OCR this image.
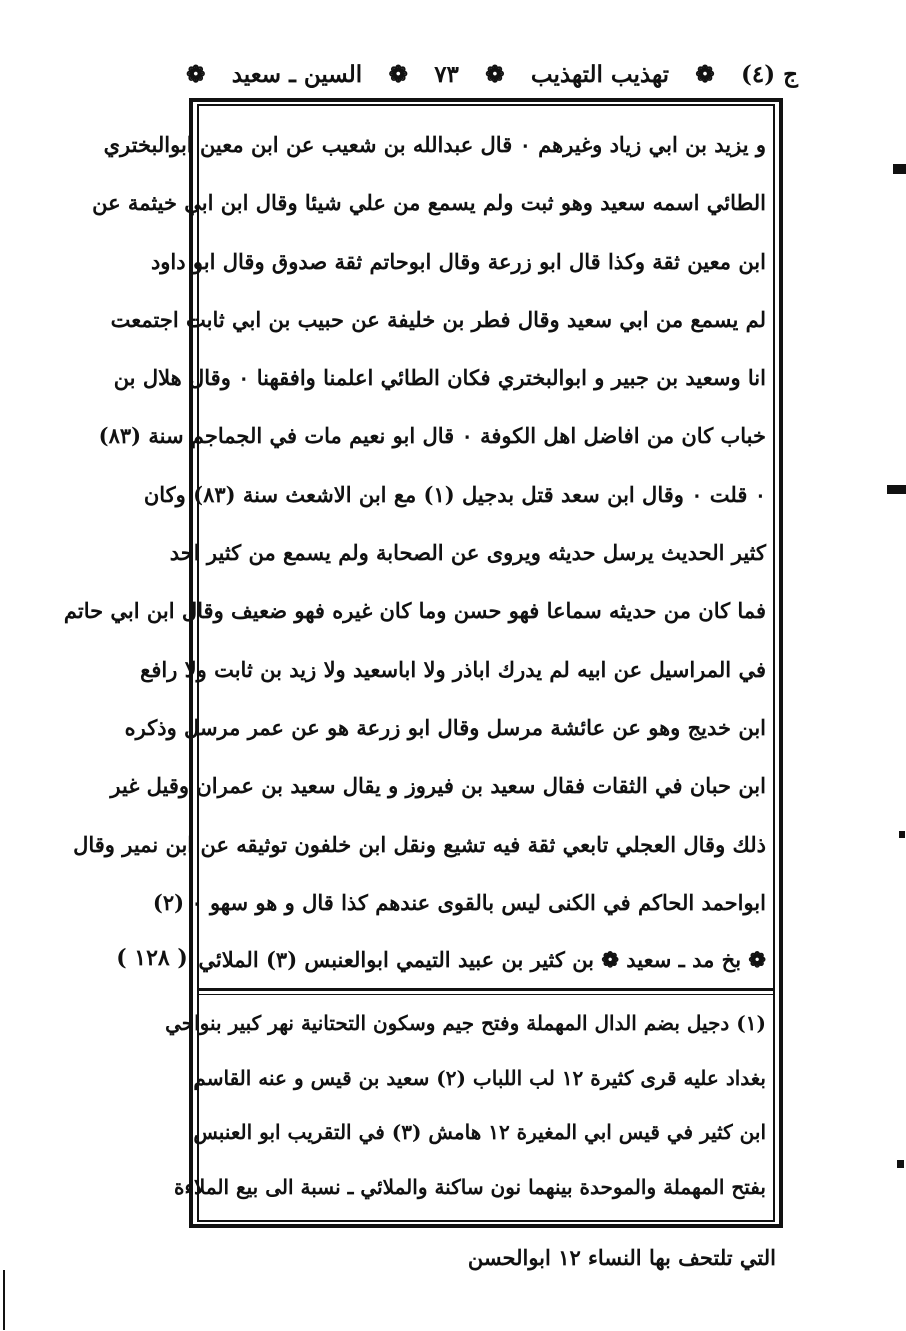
ج (٤)
❁
تهذيب التهذيب
❁
٧٣
❁
السين ـ سعيد
❁
و يزيد بن ابي زياد وغيرهم ٠ قال عبدالله بن شعيب عن ابن معين ابوالبختري
الطائي اسمه سعيد وهو ثبت ولم يسمع من علي شيئا وقال ابن ابي خيثمة عن
ابن معين ثقة وكذا قال ابو زرعة وقال ابوحاتم ثقة صدوق وقال ابو داود
لم يسمع من ابي سعيد وقال فطر بن خليفة عن حبيب بن ابي ثابت اجتمعت
انا وسعيد بن جبير و ابوالبختري فكان الطائي اعلمنا وافقهنا ٠ وقال هلال بن
خباب كان من افاضل اهل الكوفة ٠ قال ابو نعيم مات في الجماجم سنة (٨٣)
٠ قلت ٠ وقال ابن سعد قتل بدجيل (١) مع ابن الاشعث سنة (٨٣) وكان
كثير الحديث يرسل حديثه ويروى عن الصحابة ولم يسمع من كثير احد
فما كان من حديثه سماعا فهو حسن وما كان غيره فهو ضعيف وقال ابن ابي حاتم
في المراسيل عن ابيه لم يدرك اباذر ولا اباسعيد ولا زيد بن ثابت ولا رافع
ابن خديج وهو عن عائشة مرسل وقال ابو زرعة هو عن عمر مرسل وذكره
ابن حبان في الثقات فقال سعيد بن فيروز و يقال سعيد بن عمران وقيل غير
ذلك وقال العجلي تابعي ثقة فيه تشيع ونقل ابن خلفون توثيقه عن ابن نمير وقال
ابواحمد الحاكم في الكنى ليس بالقوى عندهم كذا قال و هو سهو ٠ (٢)
❁ بخ مد ـ سعيد ❁ بن كثير بن عبيد التيمي ابوالعنبس (٣) الملائي
( ١٢٨ )
(١) دجيل بضم الدال المهملة وفتح جيم وسكون التحتانية نهر كبير بنواحي
بغداد عليه قرى كثيرة ١٢ لب اللباب (٢) سعيد بن قيس و عنه القاسم
ابن كثير في قيس ابي المغيرة ١٢ هامش (٣) في التقريب ابو العنبس
بفتح المهملة والموحدة بينهما نون ساكنة والملائي ـ نسبة الى بيع الملاءة
التي تلتحف بها النساء ١٢ ابوالحسن
